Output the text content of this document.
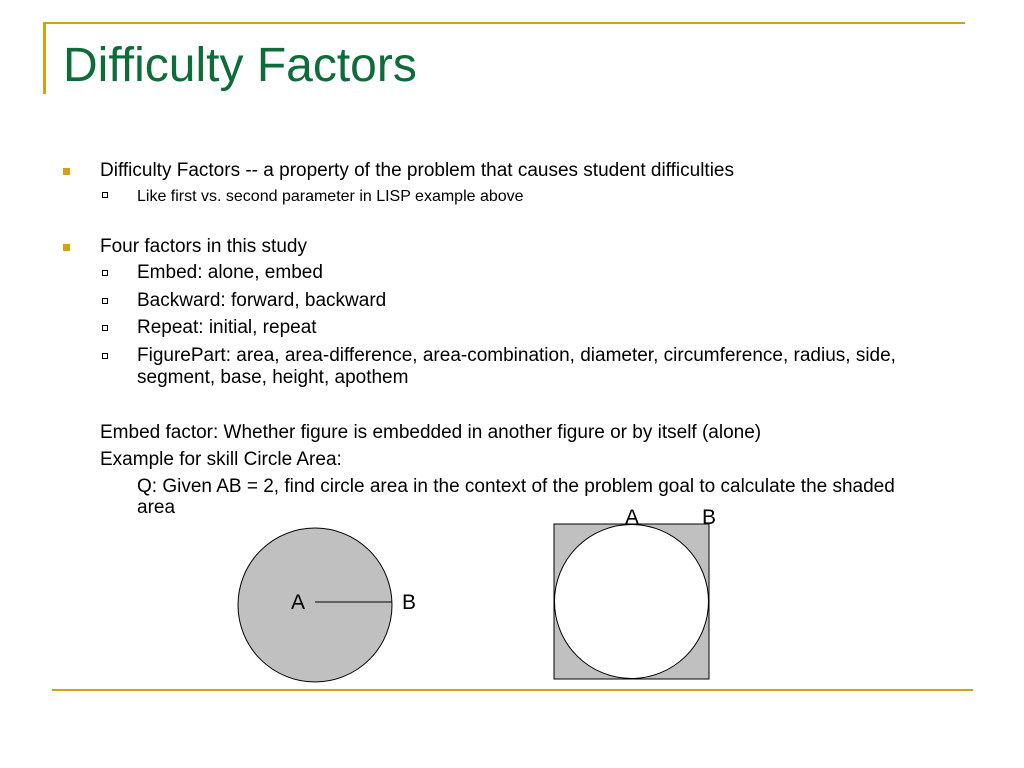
Difficulty Factors
Difficulty Factors -- a property of the problem that causes student difficulties
Like first vs. second parameter in LISP example above
Four factors in this study
Embed: alone, embed
Backward: forward, backward
Repeat: initial, repeat
FigurePart: area, area-difference, area-combination, diameter, circumference, radius, side, segment, base, height, apothem
Embed factor: Whether figure is embedded in another figure or by itself (alone)
Example for skill Circle Area:
Q: Given AB = 2, find circle area in the context of the problem goal to calculate the shaded area
A	B
A	B
